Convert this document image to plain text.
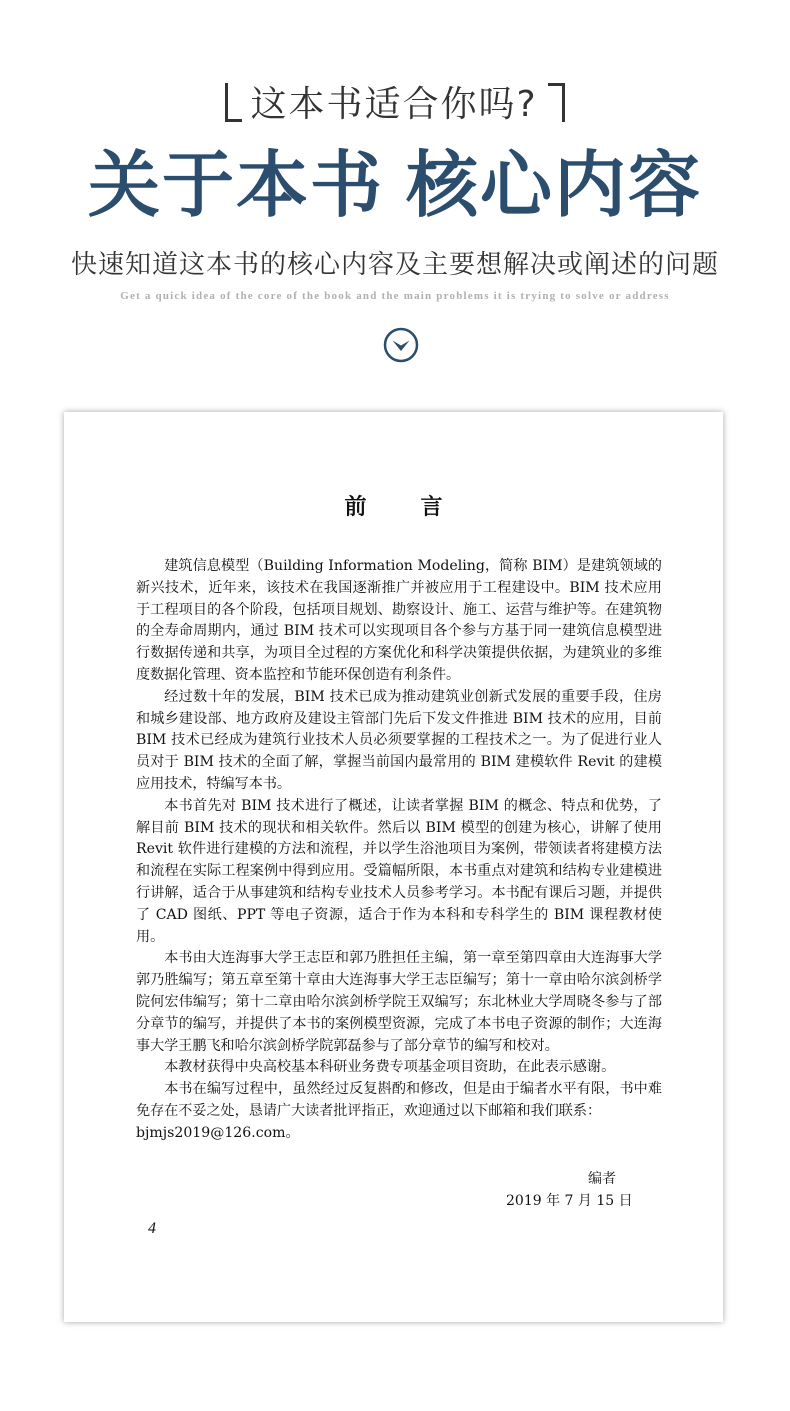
这本书适合你吗?
关于本书 核心内容
快速知道这本书的核心内容及主要想解决或阐述的问题
Get a quick idea of the core of the book and the main problems it is trying to solve or address
前 言

建筑信息模型（Building Information Modeling，简称 BIM）是建筑领域的新兴技术，近年来，该技术在我国逐渐推广并被应用于工程建设中。BIM 技术应用于工程项目的各个阶段，包括项目规划、勘察设计、施工、运营与维护等。在建筑物的全寿命周期内，通过 BIM 技术可以实现项目各个参与方基于同一建筑信息模型进行数据传递和共享，为项目全过程的方案优化和科学决策提供依据，为建筑业的多维度数据化管理、资本监控和节能环保创造有利条件。

经过数十年的发展，BIM 技术已成为推动建筑业创新式发展的重要手段，住房和城乡建设部、地方政府及建设主管部门先后下发文件推进 BIM 技术的应用，目前 BIM 技术已经成为建筑行业技术人员必须要掌握的工程技术之一。为了促进行业人员对于 BIM 技术的全面了解，掌握当前国内最常用的 BIM 建模软件 Revit 的建模应用技术，特编写本书。

本书首先对 BIM 技术进行了概述，让读者掌握 BIM 的概念、特点和优势，了解目前 BIM 技术的现状和相关软件。然后以 BIM 模型的创建为核心，讲解了使用 Revit 软件进行建模的方法和流程，并以学生浴池项目为案例，带领读者将建模方法和流程在实际工程案例中得到应用。受篇幅所限，本书重点对建筑和结构专业建模进行讲解，适合于从事建筑和结构专业技术人员参考学习。本书配有课后习题，并提供了 CAD 图纸、PPT 等电子资源，适合于作为本科和专科学生的 BIM 课程教材使用。

本书由大连海事大学王志臣和郭乃胜担任主编，第一章至第四章由大连海事大学郭乃胜编写；第五章至第十章由大连海事大学王志臣编写；第十一章由哈尔滨剑桥学院何宏伟编写；第十二章由哈尔滨剑桥学院王双编写；东北林业大学周晓冬参与了部分章节的编写，并提供了本书的案例模型资源，完成了本书电子资源的制作；大连海事大学王鹏飞和哈尔滨剑桥学院郭磊参与了部分章节的编写和校对。

本教材获得中央高校基本科研业务费专项基金项目资助，在此表示感谢。

本书在编写过程中，虽然经过反复斟酌和修改，但是由于编者水平有限，书中难免存在不妥之处，恳请广大读者批评指正，欢迎通过以下邮箱和我们联系：

bjmjs2019@126.com。

编者
2019 年 7 月 15 日
4
